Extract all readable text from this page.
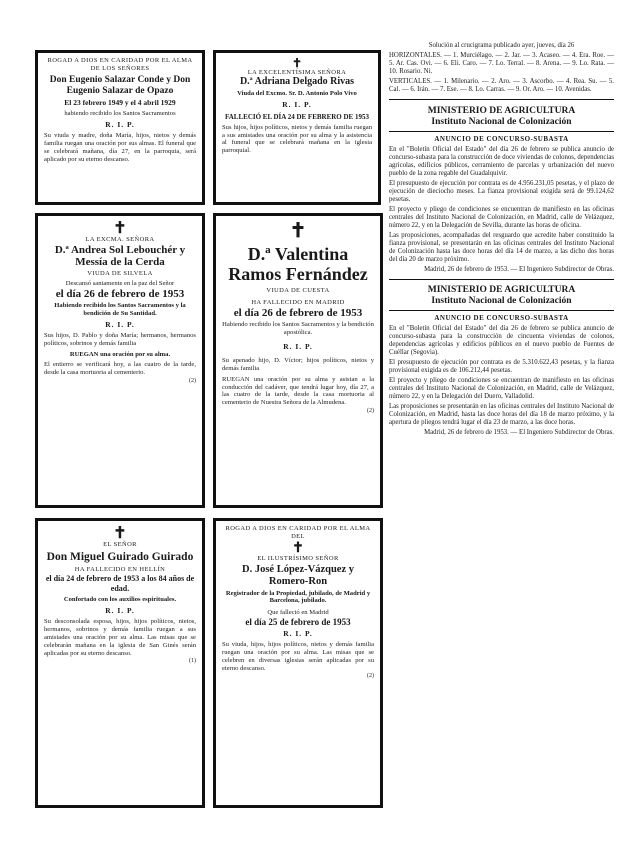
ROGAD A DIOS EN CARIDAD POR EL ALMA DE LOS SEÑORES
Don Eugenio Salazar Conde y Don Eugenio Salazar de Opazo
El 23 febrero 1949 y el 4 abril 1929
habiendo recibido los Santos Sacramentos
R. I. P.
Su viuda y madre, doña María, hijos, nietos y demás familia ruegan una oración por sus almas. El funeral que se celebrará mañana, día 27, en la parroquia, será aplicado por su eterno descanso.
✝
LA EXCELENTÍSIMA SEÑORA
D.ª Adriana Delgado Rivas
Viuda del Excmo. Sr. D. Antonio Polo Vivo
R. I. P.
FALLECIÓ EL DÍA 24 DE FEBRERO DE 1953
Sus hijos, hijos políticos, nietos y demás familia ruegan a sus amistades una oración por su alma y la asistencia al funeral que se celebrará mañana en la iglesia parroquial.
✝
LA EXCMA. SEÑORA
D.ª Andrea Sol Lebouchér y Messía de la Cerda
VIUDA DE SILVELA
Descansó santamente en la paz del Señor
el día 26 de febrero de 1953
Habiendo recibido los Santos Sacramentos y la bendición de Su Santidad.
R. I. P.
Sus hijos, D. Pablo y doña María; hermanos, hermanos políticos, sobrinos y demás familia
RUEGAN una oración por su alma.
El entierro se verificará hoy, a las cuatro de la tarde, desde la casa mortuoria al cementerio.
(2)
✝
D.ª Valentina Ramos Fernández
VIUDA DE CUESTA
HA FALLECIDO EN MADRID
el día 26 de febrero de 1953
Habiendo recibido los Santos Sacramentos y la bendición apostólica.
R. I. P.
Su apenado hijo, D. Víctor; hijos políticos, nietos y demás familia
RUEGAN una oración por su alma y asistan a la conducción del cadáver, que tendrá lugar hoy, día 27, a las cuatro de la tarde, desde la casa mortuoria al cementerio de Nuestra Señora de la Almudena.
(2)
✝
EL SEÑOR
Don Miguel Guirado Guirado
HA FALLECIDO EN HELLÍN
el día 24 de febrero de 1953 a los 84 años de edad.
Confortado con los auxilios espirituales.
R. I. P.
Su desconsolada esposa, hijos, hijos políticos, nietos, hermanos, sobrinos y demás familia ruegan a sus amistades una oración por su alma. Las misas que se celebrarán mañana en la iglesia de San Ginés serán aplicadas por su eterno descanso.
(1)
ROGAD A DIOS EN CARIDAD POR EL ALMA DEL
✝
EL ILUSTRÍSIMO SEÑOR
D. José López-Vázquez y Romero-Ron
Registrador de la Propiedad, jubilado, de Madrid y Barcelona, jubilado.
Que falleció en Madrid
el día 25 de febrero de 1953
R. I. P.
Su viuda, hijos, hijos políticos, nietos y demás familia ruegan una oración por su alma. Las misas que se celebren en diversas iglesias serán aplicadas por su eterno descanso.
(2)

Solución al crucigrama publicado ayer, jueves, día 26

HORIZONTALES. — 1. Murciélago. — 2. Jar. — 3. Acaseo. — 4. Era. Roe. — 5. Ar. Cas. Ovi. — 6. Eli. Caro. — 7. Lo. Terral. — 8. Arena. — 9. Lo. Rata. — 10. Rosario. Ni.

VERTICALES. — 1. Milenario. — 2. Aro. — 3. Ascorbo. — 4. Rea. Su. — 5. Cal. — 6. Irán. — 7. Ese. — 8. Lo. Carras. — 9. Or. Aro. — 10. Avenidas.

MINISTERIO DE AGRICULTURA
Instituto Nacional de Colonización
ANUNCIO DE CONCURSO-SUBASTA

En el "Boletín Oficial del Estado" del día 26 de febrero se publica anuncio de concurso-subasta para la construcción de doce viviendas de colonos, dependencias agrícolas, edificios públicos, cerramiento de parcelas y urbanización del nuevo pueblo de la zona regable del Guadalquivir.

El presupuesto de ejecución por contrata es de 4.956.231,05 pesetas, y el plazo de ejecución de dieciocho meses. La fianza provisional exigida será de 99.124,62 pesetas.

El proyecto y pliego de condiciones se encuentran de manifiesto en las oficinas centrales del Instituto Nacional de Colonización, en Madrid, calle de Velázquez, número 22, y en la Delegación de Sevilla, durante las horas de oficina.

Las proposiciones, acompañadas del resguardo que acredite haber constituido la fianza provisional, se presentarán en las oficinas centrales del Instituto Nacional de Colonización hasta las doce horas del día 14 de marzo, a las dicho dos horas del día 20 de marzo próximo.

Madrid, 26 de febrero de 1953. — El Ingeniero Subdirector de Obras.

MINISTERIO DE AGRICULTURA
Instituto Nacional de Colonización
ANUNCIO DE CONCURSO-SUBASTA

En el "Boletín Oficial del Estado" del día 26 de febrero se publica anuncio de concurso-subasta para la construcción de cincuenta viviendas de colonos, dependencias agrícolas y edificios públicos en el nuevo pueblo de Fuentes de Cuéllar (Segovia).

El presupuesto de ejecución por contrata es de 5.310.622,43 pesetas, y la fianza provisional exigida es de 106.212,44 pesetas.

El proyecto y pliego de condiciones se encuentran de manifiesto en las oficinas centrales del Instituto Nacional de Colonización, en Madrid, calle de Velázquez, número 22, y en la Delegación del Duero, Valladolid.

Las proposiciones se presentarán en las oficinas centrales del Instituto Nacional de Colonización, en Madrid, hasta las doce horas del día 18 de marzo próximo, y la apertura de pliegos tendrá lugar el día 23 de marzo, a las doce horas.

Madrid, 26 de febrero de 1953. — El Ingeniero Subdirector de Obras.
